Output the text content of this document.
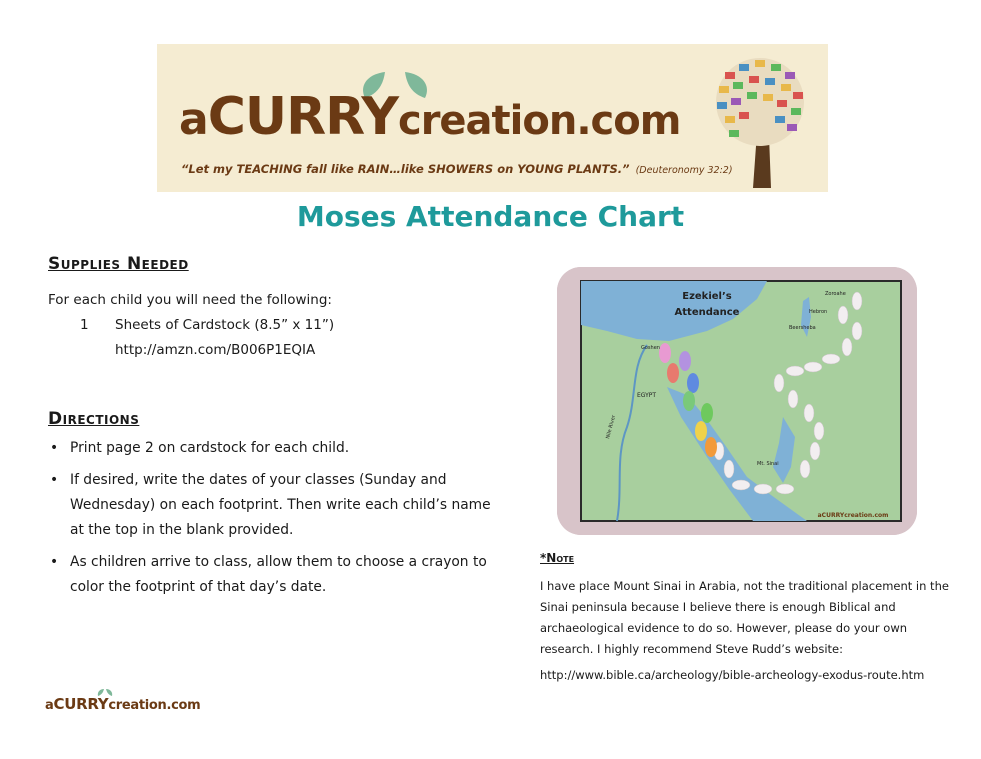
aCURRYcreation.com
“Let my TEACHING fall like RAIN…like SHOWERS on YOUNG PLANTS.” (Deuteronomy 32:2)
Moses Attendance Chart
Supplies Needed
For each child you will need the following:
1 Sheets of Cardstock (8.5” x 11”)
http://amzn.com/B006P1EQIA
Directions
• Print page 2 on cardstock for each child.
• If desired, write the dates of your classes (Sunday and Wednesday) on each footprint. Then write each child’s name at the top in the blank provided.
• As children arrive to class, allow them to choose a crayon to color the footprint of that day’s date.
Ezekiel’s
Attendance
Zoroahe
Hebron
Beersheba
Goshen
EGYPT
Nile River
Mt. Sinai
aCURRYcreation.com
*Note
I have place Mount Sinai in Arabia, not the traditional placement in the Sinai peninsula because I believe there is enough Biblical and archaeological evidence to do so. However, please do your own research. I highly recommend Steve Rudd’s website:
http://www.bible.ca/archeology/bible-archeology-exodus-route.htm
aCURRYcreation.com
